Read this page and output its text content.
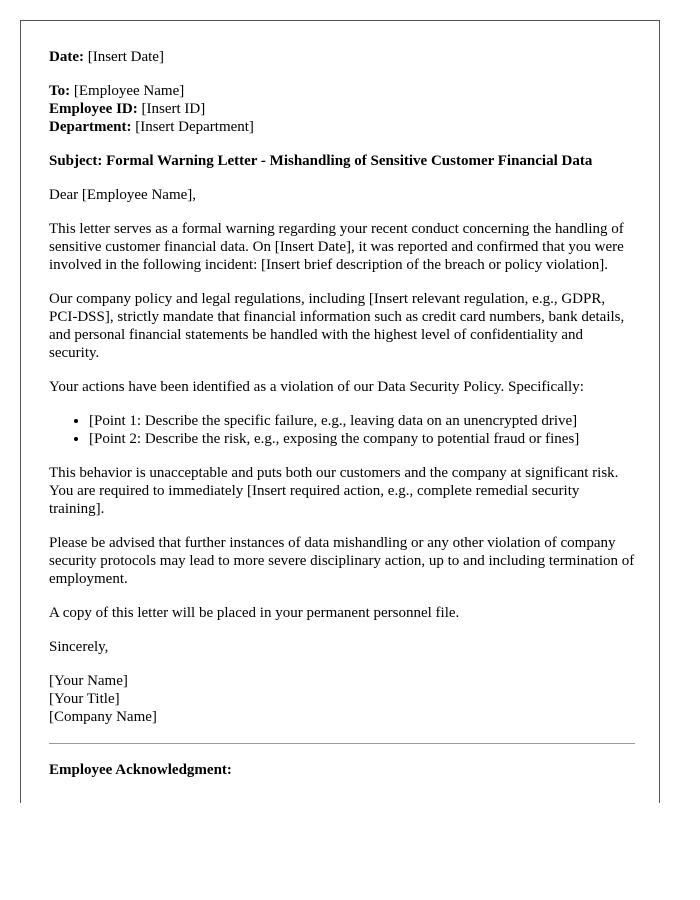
Date: [Insert Date]

To: [Employee Name]

Employee ID: [Insert ID]

Department: [Insert Department]

Subject: Formal Warning Letter - Mishandling of Sensitive Customer Financial Data

Dear [Employee Name],

This letter serves as a formal warning regarding your recent conduct concerning the handling of sensitive customer financial data. On [Insert Date], it was reported and confirmed that you were involved in the following incident: [Insert brief description of the breach or policy violation].

Our company policy and legal regulations, including [Insert relevant regulation, e.g., GDPR, PCI-DSS], strictly mandate that financial information such as credit card numbers, bank details, and personal financial statements be handled with the highest level of confidentiality and security.

Your actions have been identified as a violation of our Data Security Policy. Specifically:

• [Point 1: Describe the specific failure, e.g., leaving data on an unencrypted drive]
• [Point 2: Describe the risk, e.g., exposing the company to potential fraud or fines]

This behavior is unacceptable and puts both our customers and the company at significant risk. You are required to immediately [Insert required action, e.g., complete remedial security training].

Please be advised that further instances of data mishandling or any other violation of company security protocols may lead to more severe disciplinary action, up to and including termination of employment.

A copy of this letter will be placed in your permanent personnel file.

Sincerely,

[Your Name]

[Your Title]

[Company Name]

Employee Acknowledgment:
